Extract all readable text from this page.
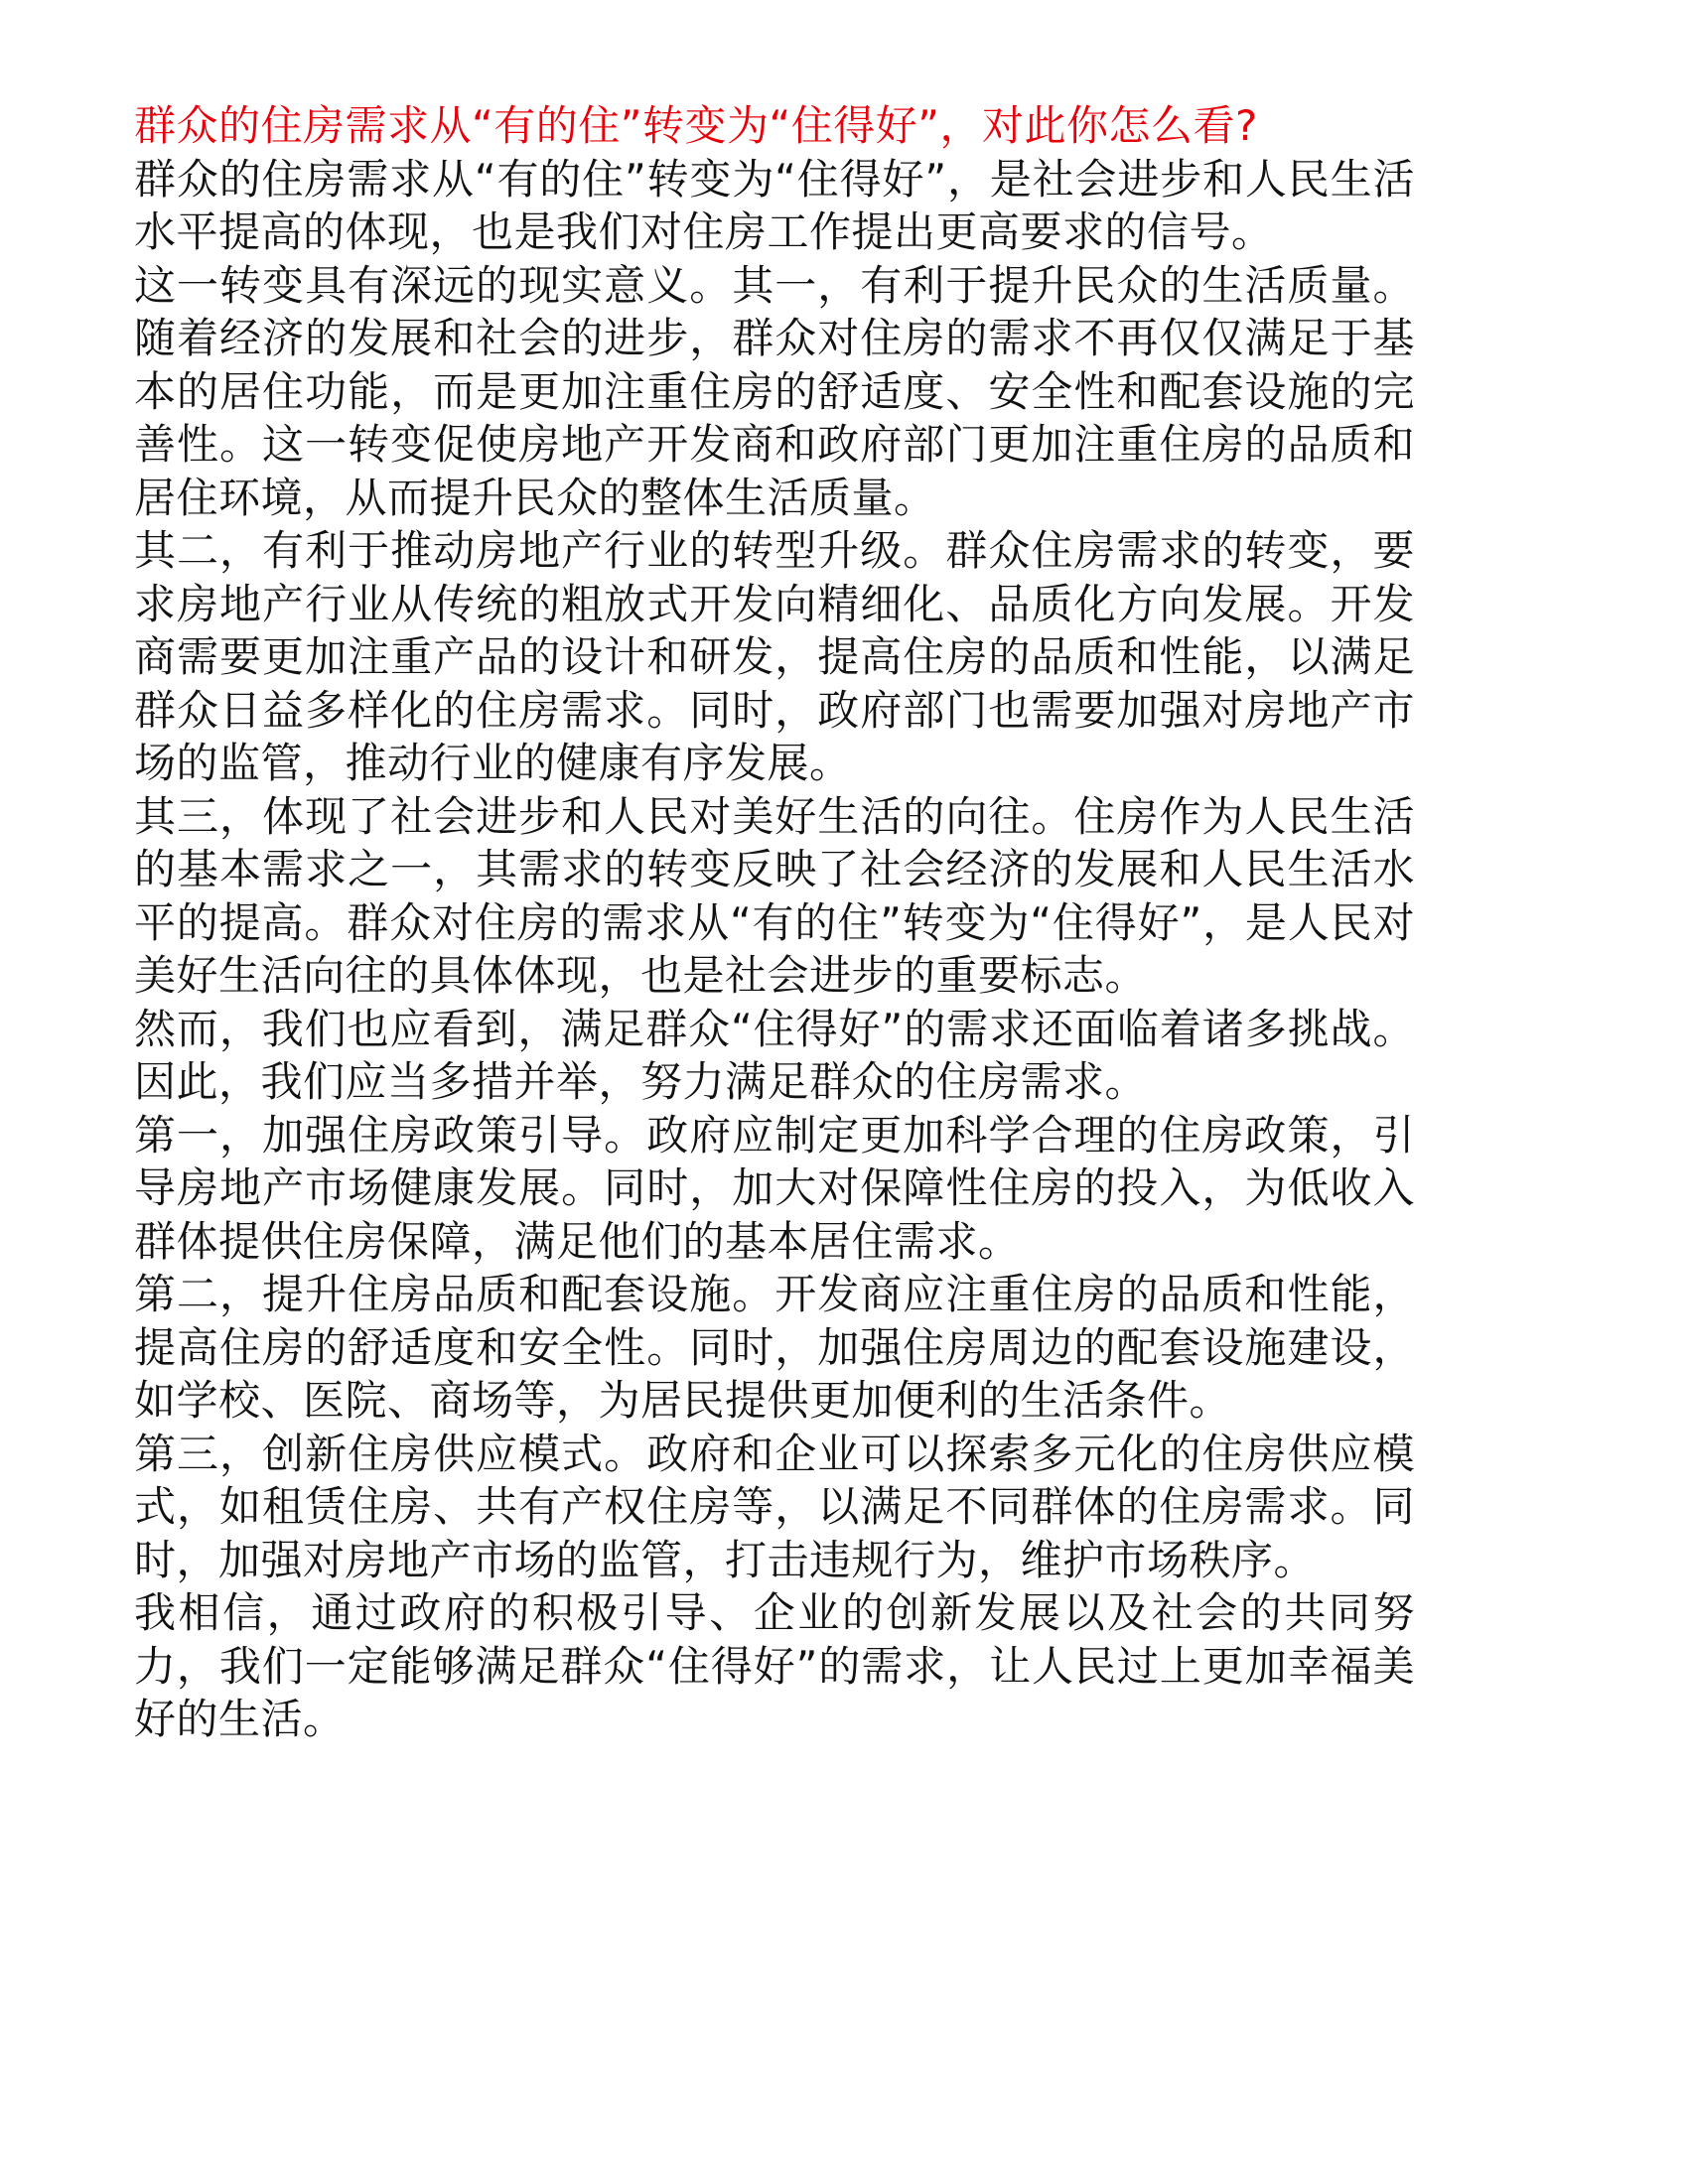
群众的住房需求从“有的住”转变为“住得好”，对此你怎么看?

群众的住房需求从“有的住”转变为“住得好”，是社会进步和人民生活水平提高的体现，也是我们对住房工作提出更高要求的信号。

这一转变具有深远的现实意义。其一，有利于提升民众的生活质量。随着经济的发展和社会的进步，群众对住房的需求不再仅仅满足于基本的居住功能，而是更加注重住房的舒适度、安全性和配套设施的完善性。这一转变促使房地产开发商和政府部门更加注重住房的品质和居住环境，从而提升民众的整体生活质量。

其二，有利于推动房地产行业的转型升级。群众住房需求的转变，要求房地产行业从传统的粗放式开发向精细化、品质化方向发展。开发商需要更加注重产品的设计和研发，提高住房的品质和性能，以满足群众日益多样化的住房需求。同时，政府部门也需要加强对房地产市场的监管，推动行业的健康有序发展。

其三，体现了社会进步和人民对美好生活的向往。住房作为人民生活的基本需求之一，其需求的转变反映了社会经济的发展和人民生活水平的提高。群众对住房的需求从“有的住”转变为“住得好”，是人民对美好生活向往的具体体现，也是社会进步的重要标志。

然而，我们也应看到，满足群众“住得好”的需求还面临着诸多挑战。因此，我们应当多措并举，努力满足群众的住房需求。

第一，加强住房政策引导。政府应制定更加科学合理的住房政策，引导房地产市场健康发展。同时，加大对保障性住房的投入，为低收入群体提供住房保障，满足他们的基本居住需求。

第二，提升住房品质和配套设施。开发商应注重住房的品质和性能，提高住房的舒适度和安全性。同时，加强住房周边的配套设施建设，如学校、医院、商场等，为居民提供更加便利的生活条件。

第三，创新住房供应模式。政府和企业可以探索多元化的住房供应模式，如租赁住房、共有产权住房等，以满足不同群体的住房需求。同时，加强对房地产市场的监管，打击违规行为，维护市场秩序。

我相信，通过政府的积极引导、企业的创新发展以及社会的共同努力，我们一定能够满足群众“住得好”的需求，让人民过上更加幸福美好的生活。
